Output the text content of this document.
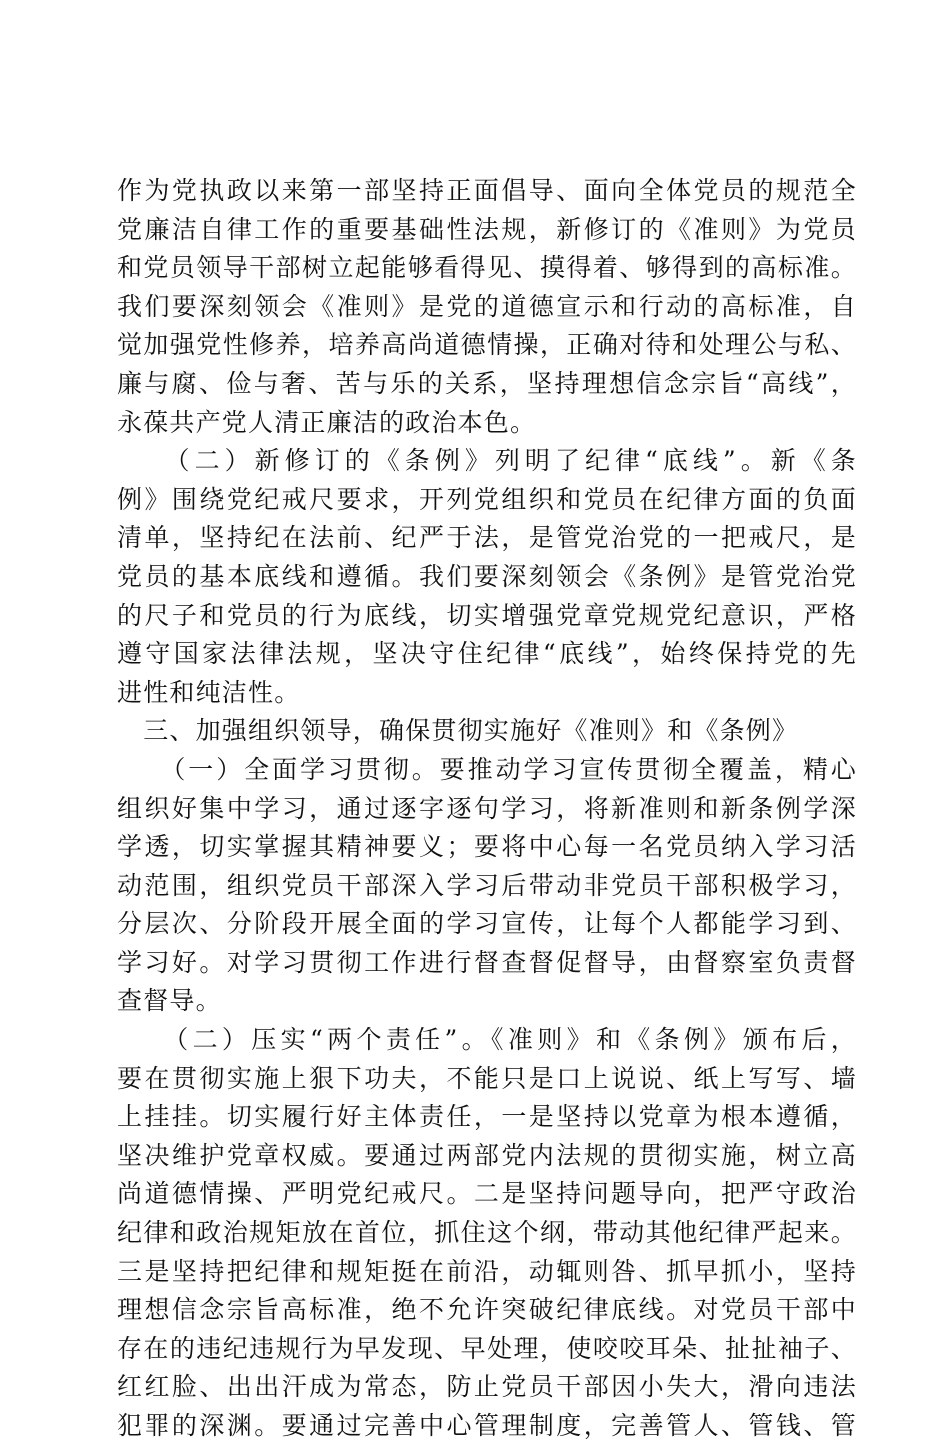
作为党执政以来第一部坚持正面倡导、面向全体党员的规范全
党廉洁自律工作的重要基础性法规，新修订的《准则》为党员
和党员领导干部树立起能够看得见、摸得着、够得到的高标准。
我们要深刻领会《准则》是党的道德宣示和行动的高标准，自
觉加强党性修养，培养高尚道德情操，正确对待和处理公与私、
廉与腐、俭与奢、苦与乐的关系，坚持理想信念宗旨“高线”，
永葆共产党人清正廉洁的政治本色。
　　（二）新修订的《条例》列明了纪律“底线”。新《条
例》围绕党纪戒尺要求，开列党组织和党员在纪律方面的负面
清单，坚持纪在法前、纪严于法，是管党治党的一把戒尺，是
党员的基本底线和遵循。我们要深刻领会《条例》是管党治党
的尺子和党员的行为底线，切实增强党章党规党纪意识，严格
遵守国家法律法规，坚决守住纪律“底线”，始终保持党的先
进性和纯洁性。
　三、加强组织领导，确保贯彻实施好《准则》和《条例》
　　（一）全面学习贯彻。要推动学习宣传贯彻全覆盖，精心
组织好集中学习，通过逐字逐句学习，将新准则和新条例学深
学透，切实掌握其精神要义；要将中心每一名党员纳入学习活
动范围，组织党员干部深入学习后带动非党员干部积极学习，
分层次、分阶段开展全面的学习宣传，让每个人都能学习到、
学习好。对学习贯彻工作进行督查督促督导，由督察室负责督
查督导。
　　（二）压实“两个责任”。《准则》和《条例》颁布后，
要在贯彻实施上狠下功夫，不能只是口上说说、纸上写写、墙
上挂挂。切实履行好主体责任，一是坚持以党章为根本遵循，
坚决维护党章权威。要通过两部党内法规的贯彻实施，树立高
尚道德情操、严明党纪戒尺。二是坚持问题导向，把严守政治
纪律和政治规矩放在首位，抓住这个纲，带动其他纪律严起来。
三是坚持把纪律和规矩挺在前沿，动辄则咎、抓早抓小，坚持
理想信念宗旨高标准，绝不允许突破纪律底线。对党员干部中
存在的违纪违规行为早发现、早处理，使咬咬耳朵、扯扯袖子、
红红脸、出出汗成为常态，防止党员干部因小失大，滑向违法
犯罪的深渊。要通过完善中心管理制度，完善管人、管钱、管
